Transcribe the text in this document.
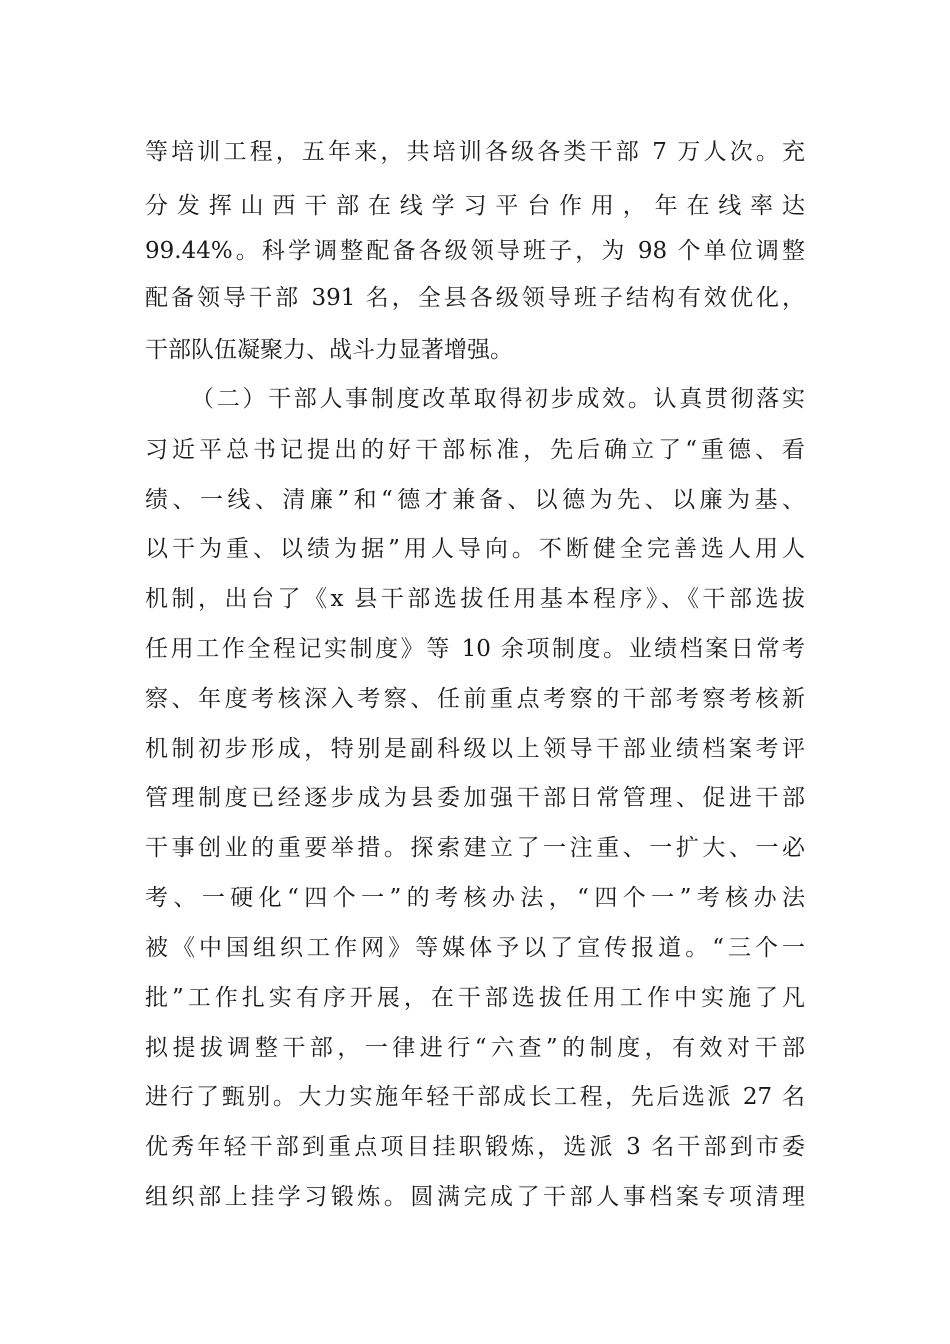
等培训工程，五年来，共培训各级各类干部 7 万人次。充
分发挥山西干部在线学习平台作用，年在线率达
99.44%。科学调整配备各级领导班子，为 98 个单位调整
配备领导干部 391 名，全县各级领导班子结构有效优化，
干部队伍凝聚力、战斗力显著增强。
（二）干部人事制度改革取得初步成效。认真贯彻落实
习近平总书记提出的好干部标准，先后确立了“重德、看
绩、一线、清廉”和“德才兼备、以德为先、以廉为基、
以干为重、以绩为据”用人导向。不断健全完善选人用人
机制，出台了《x 县干部选拔任用基本程序》、《干部选拔
任用工作全程记实制度》等 10 余项制度。业绩档案日常考
察、年度考核深入考察、任前重点考察的干部考察考核新
机制初步形成，特别是副科级以上领导干部业绩档案考评
管理制度已经逐步成为县委加强干部日常管理、促进干部
干事创业的重要举措。探索建立了一注重、一扩大、一必
考、一硬化“四个一”的考核办法，“四个一”考核办法
被《中国组织工作网》等媒体予以了宣传报道。“三个一
批”工作扎实有序开展，在干部选拔任用工作中实施了凡
拟提拔调整干部，一律进行“六查”的制度，有效对干部
进行了甄别。大力实施年轻干部成长工程，先后选派 27 名
优秀年轻干部到重点项目挂职锻炼，选派 3 名干部到市委
组织部上挂学习锻炼。圆满完成了干部人事档案专项清理
